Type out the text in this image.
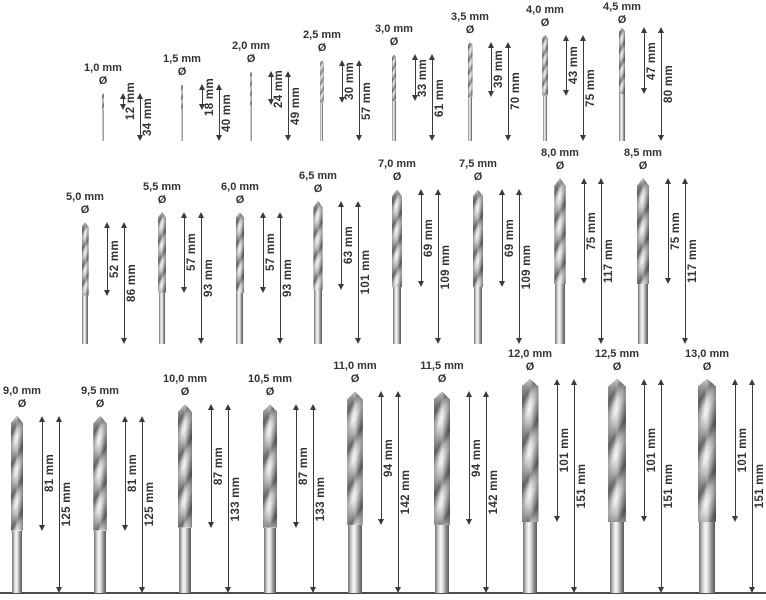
1,0 mm
Ø
12 mm 34 mm
1,5 mm
Ø
18 mm 40 mm
2,0 mm
Ø
24 mm 49 mm
2,5 mm
Ø
30 mm
57 mm
3,0 mm
Ø
33 mm
61 mm
3,5 mm
Ø
39 mm
70 mm
4,0 mm
Ø
43 mm
75 mm
4,5 mm
Ø
47 mm
80 mm
5,0 mm
Ø
52 mm
86 mm
5,5 mm
Ø
57 mm
93 mm
6,0 mm
Ø
57 mm
93 mm
6,5 mm
Ø
63 mm
101 mm
7,0 mm
Ø
69 mm
109 mm
7,5 mm
Ø
69 mm
109 mm
8,0 mm
Ø
75 mm
117 mm
8,5 mm
Ø
75 mm
117 mm
9,0 mm
Ø
81 mm
125 mm
9,5 mm
Ø
81 mm
125 mm
10,0 mm
Ø
87 mm
133 mm
10,5 mm
Ø
87 mm
133 mm
11,0 mm
Ø
94 mm
142 mm
11,5 mm
Ø
94 mm
142 mm
12,0 mm
Ø
101 mm
151 mm
12,5 mm
Ø
101 mm
151 mm
13,0 mm
Ø
101 mm
151 mm
